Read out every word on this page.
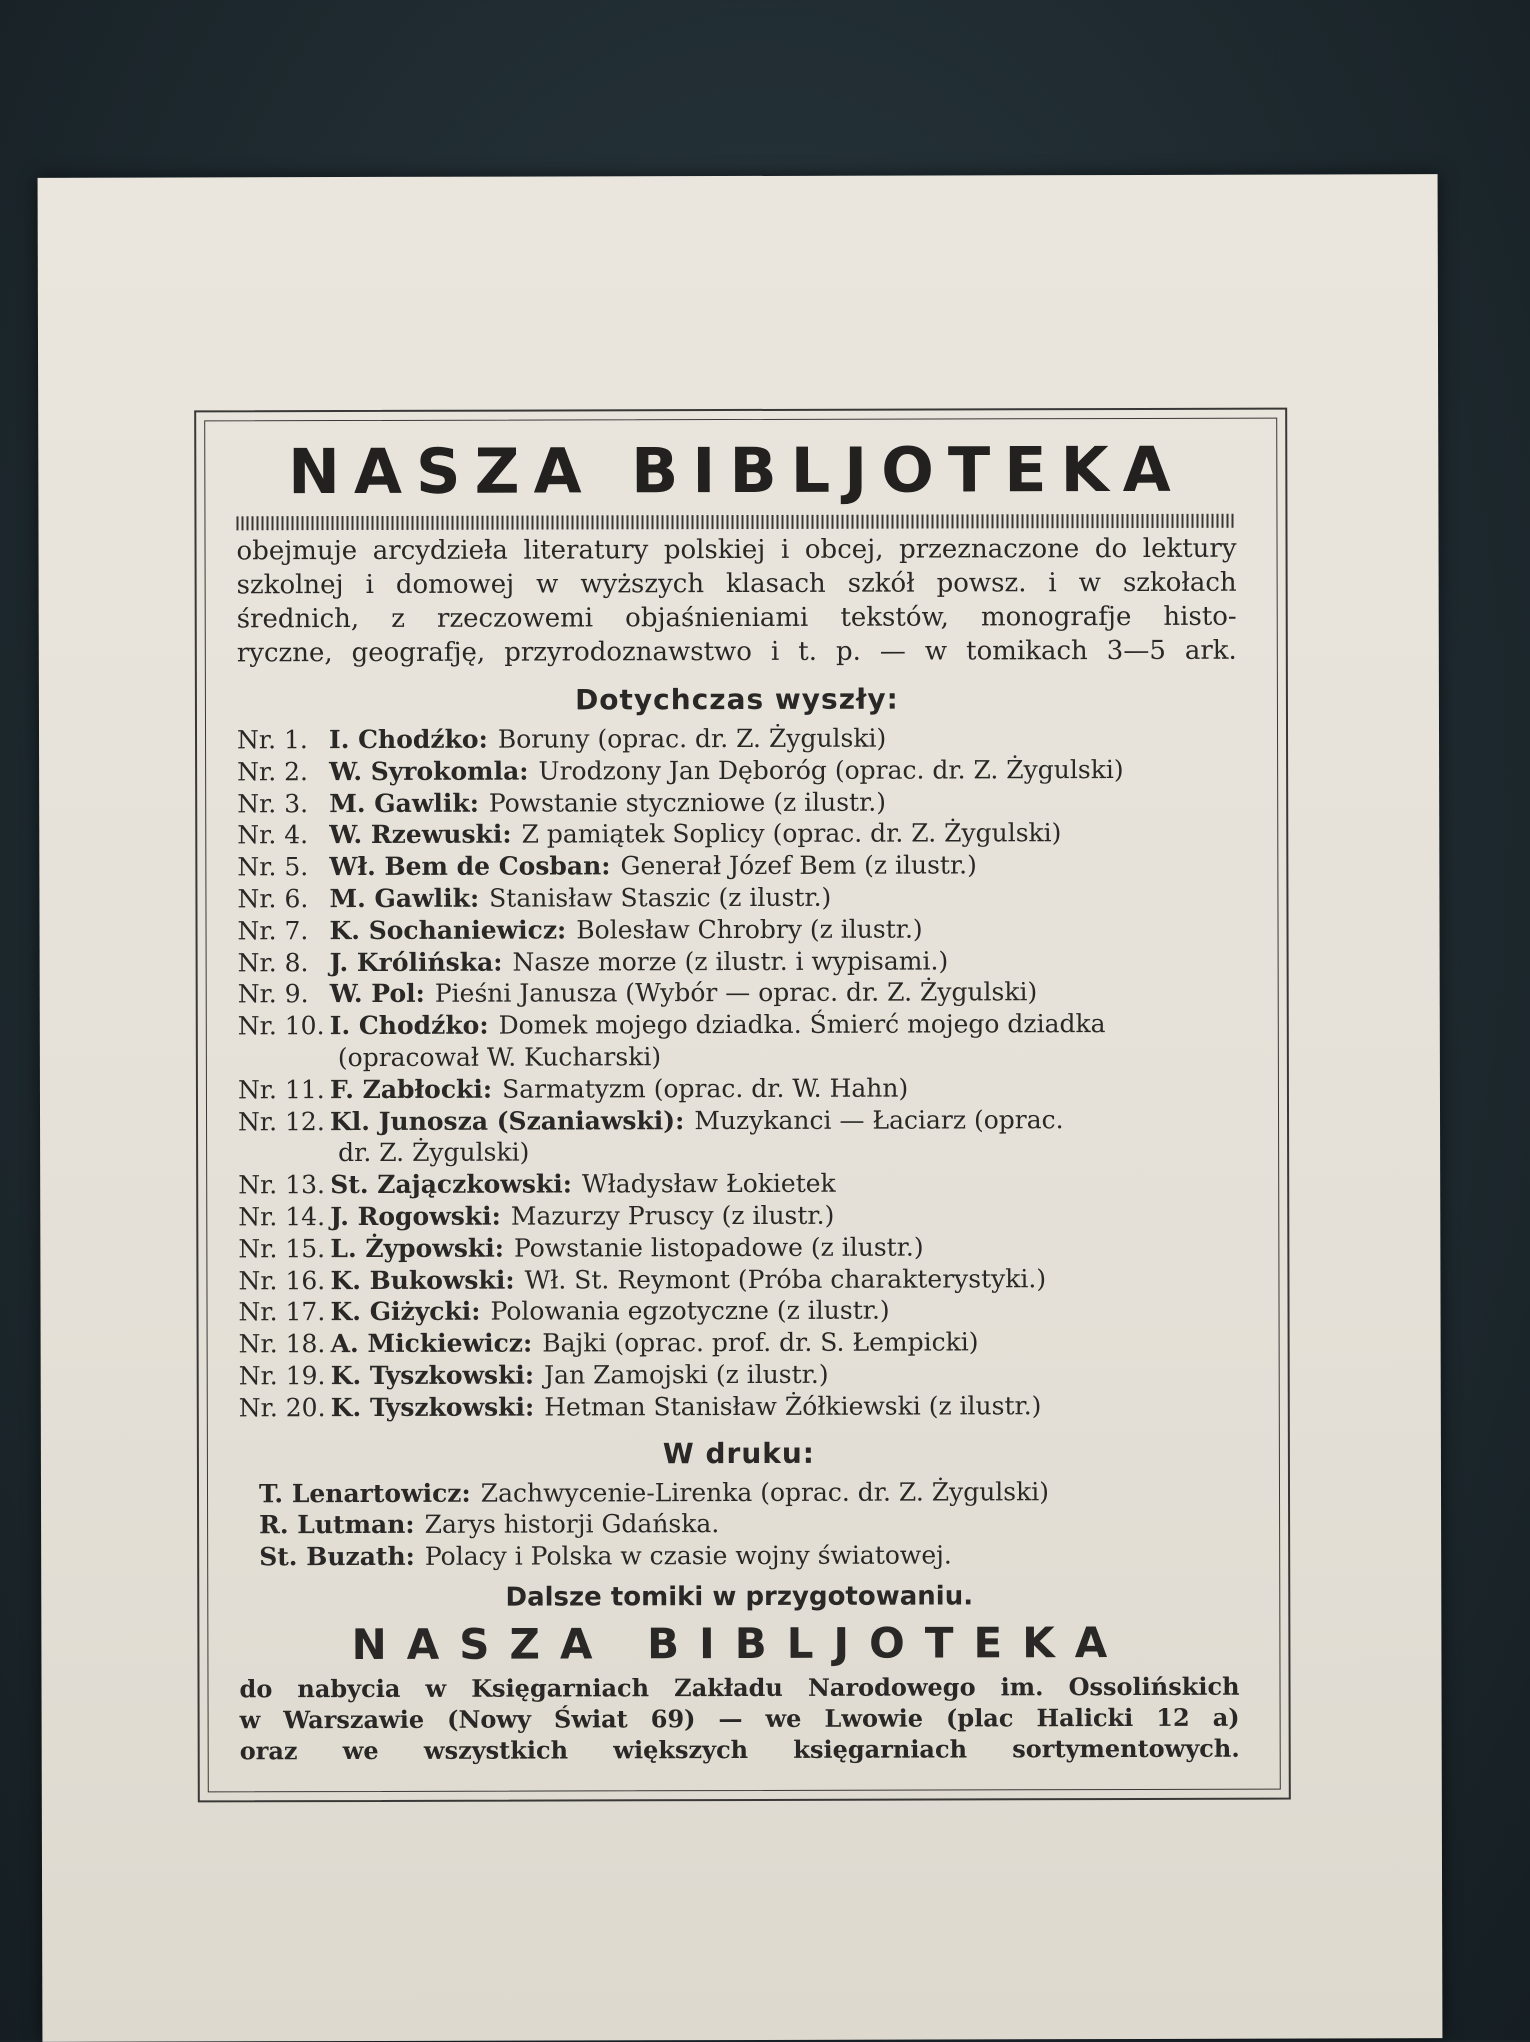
NASZA BIBLJOTEKA
obejmuje arcydzieła literatury polskiej i obcej, przeznaczone do lektury
szkolnej i domowej w wyższych klasach szkół powsz. i w szkołach
średnich, z rzeczowemi objaśnieniami tekstów, monografje histo-
ryczne, geografję, przyrodoznawstwo i t. p. — w tomikach 3—5 ark.
Dotychczas wyszły:
Nr. 1. I. Chodźko: Boruny (oprac. dr. Z. Żygulski)
Nr. 2. W. Syrokomla: Urodzony Jan Dęboróg (oprac. dr. Z. Żygulski)
Nr. 3. M. Gawlik: Powstanie styczniowe (z ilustr.)
Nr. 4. W. Rzewuski: Z pamiątek Soplicy (oprac. dr. Z. Żygulski)
Nr. 5. Wł. Bem de Cosban: Generał Józef Bem (z ilustr.)
Nr. 6. M. Gawlik: Stanisław Staszic (z ilustr.)
Nr. 7. K. Sochaniewicz: Bolesław Chrobry (z ilustr.)
Nr. 8. J. Królińska: Nasze morze (z ilustr. i wypisami.)
Nr. 9. W. Pol: Pieśni Janusza (Wybór — oprac. dr. Z. Żygulski)
Nr. 10. I. Chodźko: Domek mojego dziadka. Śmierć mojego dziadka
(opracował W. Kucharski)
Nr. 11. F. Zabłocki: Sarmatyzm (oprac. dr. W. Hahn)
Nr. 12. Kl. Junosza (Szaniawski): Muzykanci — Łaciarz (oprac.
dr. Z. Żygulski)
Nr. 13. St. Zajączkowski: Władysław Łokietek
Nr. 14. J. Rogowski: Mazurzy Pruscy (z ilustr.)
Nr. 15. L. Żypowski: Powstanie listopadowe (z ilustr.)
Nr. 16. K. Bukowski: Wł. St. Reymont (Próba charakterystyki.)
Nr. 17. K. Giżycki: Polowania egzotyczne (z ilustr.)
Nr. 18. A. Mickiewicz: Bajki (oprac. prof. dr. S. Łempicki)
Nr. 19. K. Tyszkowski: Jan Zamojski (z ilustr.)
Nr. 20. K. Tyszkowski: Hetman Stanisław Żółkiewski (z ilustr.)
W druku:
T. Lenartowicz: Zachwycenie-Lirenka (oprac. dr. Z. Żygulski)
R. Lutman: Zarys historji Gdańska.
St. Buzath: Polacy i Polska w czasie wojny światowej.
Dalsze tomiki w przygotowaniu.
NASZA BIBLJOTEKA
do nabycia w Księgarniach Zakładu Narodowego im. Ossolińskich
w Warszawie (Nowy Świat 69) — we Lwowie (plac Halicki 12 a)
oraz we wszystkich większych księgarniach sortymentowych.
